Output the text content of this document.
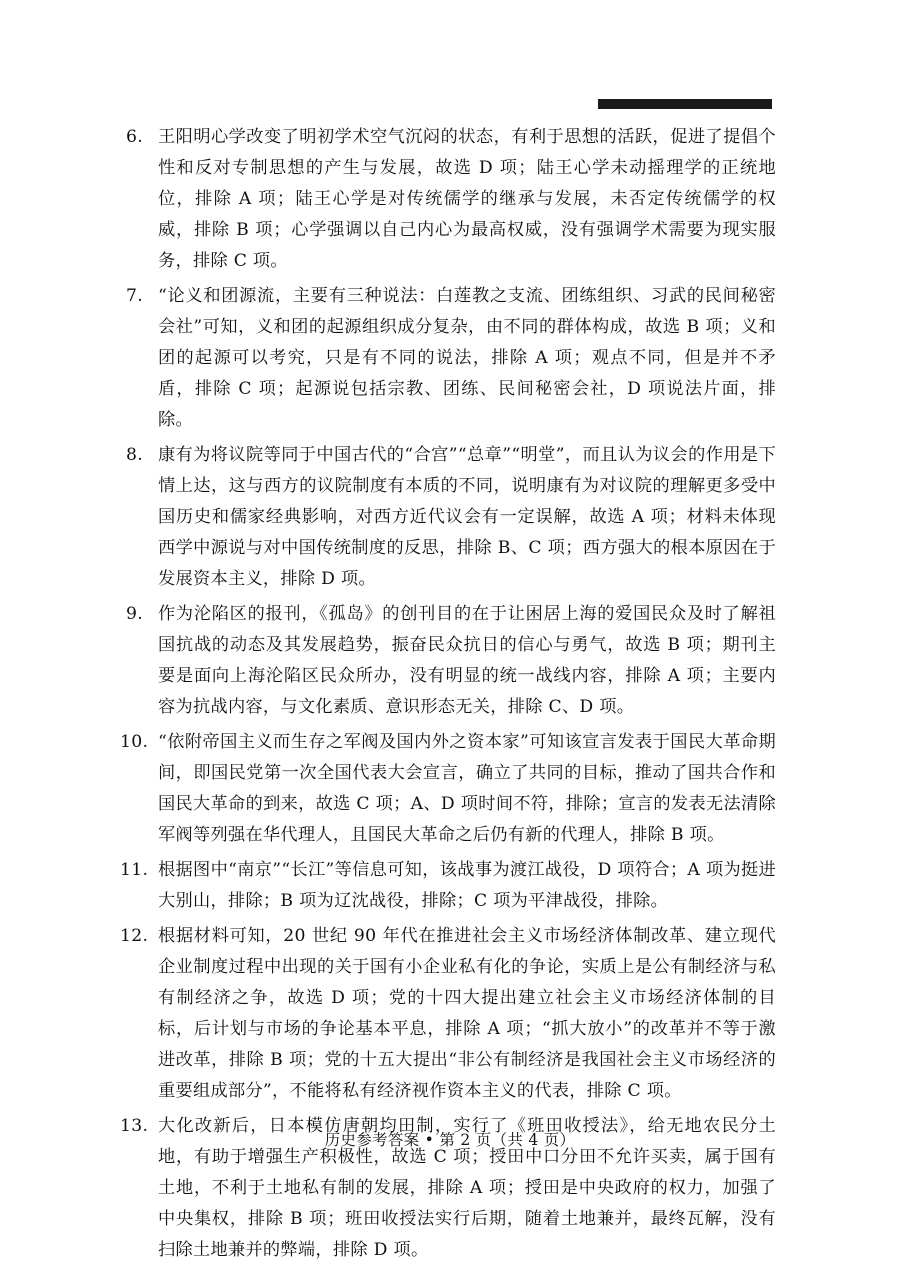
6. 王阳明心学改变了明初学术空气沉闷的状态，有利于思想的活跃，促进了提倡个性和反对专制思想的产生与发展，故选 D 项；陆王心学未动摇理学的正统地位，排除 A 项；陆王心学是对传统儒学的继承与发展，未否定传统儒学的权威，排除 B 项；心学强调以自己内心为最高权威，没有强调学术需要为现实服务，排除 C 项。
7. “论义和团源流，主要有三种说法：白莲教之支流、团练组织、习武的民间秘密会社”可知，义和团的起源组织成分复杂，由不同的群体构成，故选 B 项；义和团的起源可以考究，只是有不同的说法，排除 A 项；观点不同，但是并不矛盾，排除 C 项；起源说包括宗教、团练、民间秘密会社，D 项说法片面，排除。
8. 康有为将议院等同于中国古代的“合宫”“总章”“明堂”，而且认为议会的作用是下情上达，这与西方的议院制度有本质的不同，说明康有为对议院的理解更多受中国历史和儒家经典影响，对西方近代议会有一定误解，故选 A 项；材料未体现西学中源说与对中国传统制度的反思，排除 B、C 项；西方强大的根本原因在于发展资本主义，排除 D 项。
9. 作为沦陷区的报刊，《孤岛》的创刊目的在于让困居上海的爱国民众及时了解祖国抗战的动态及其发展趋势，振奋民众抗日的信心与勇气，故选 B 项；期刊主要是面向上海沦陷区民众所办，没有明显的统一战线内容，排除 A 项；主要内容为抗战内容，与文化素质、意识形态无关，排除 C、D 项。
10. “依附帝国主义而生存之军阀及国内外之资本家”可知该宣言发表于国民大革命期间，即国民党第一次全国代表大会宣言，确立了共同的目标，推动了国共合作和国民大革命的到来，故选 C 项；A、D 项时间不符，排除；宣言的发表无法清除军阀等列强在华代理人，且国民大革命之后仍有新的代理人，排除 B 项。
11. 根据图中“南京”“长江”等信息可知，该战事为渡江战役，D 项符合；A 项为挺进大别山，排除；B 项为辽沈战役，排除；C 项为平津战役，排除。
12. 根据材料可知，20 世纪 90 年代在推进社会主义市场经济体制改革、建立现代企业制度过程中出现的关于国有小企业私有化的争论，实质上是公有制经济与私有制经济之争，故选 D 项；党的十四大提出建立社会主义市场经济体制的目标，后计划与市场的争论基本平息，排除 A 项；“抓大放小”的改革并不等于激进改革，排除 B 项；党的十五大提出“非公有制经济是我国社会主义市场经济的重要组成部分”，不能将私有经济视作资本主义的代表，排除 C 项。
13. 大化改新后，日本模仿唐朝均田制，实行了《班田收授法》，给无地农民分土地，有助于增强生产积极性，故选 C 项；授田中口分田不允许买卖，属于国有土地，不利于土地私有制的发展，排除 A 项；授田是中央政府的权力，加强了中央集权，排除 B 项；班田收授法实行后期，随着土地兼并，最终瓦解，没有扫除土地兼并的弊端，排除 D 项。
历史参考答案 • 第 2 页（共 4 页）
